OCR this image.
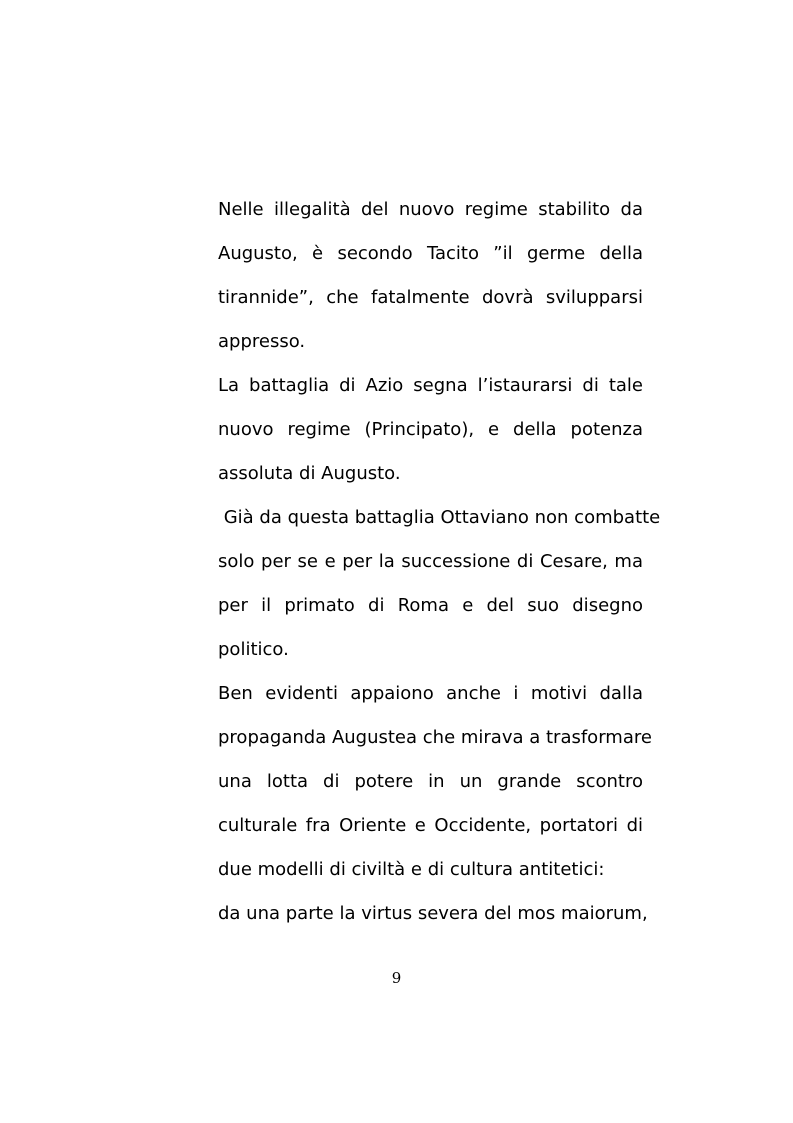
Nelle illegalità del nuovo regime stabilito da
Augusto, è secondo Tacito ”il germe della
tirannide”, che fatalmente dovrà svilupparsi
appresso.
La battaglia di Azio segna l’istaurarsi di tale
nuovo regime (Principato), e della potenza
assoluta di Augusto.
Già da questa battaglia Ottaviano non combatte
solo per se e per la successione di Cesare, ma
per il primato di Roma e del suo disegno
politico.
Ben evidenti appaiono anche i motivi dalla
propaganda Augustea che mirava a trasformare
una lotta di potere in un grande scontro
culturale fra Oriente e Occidente, portatori di
due modelli di civiltà e di cultura antitetici:
da una parte la virtus severa del mos maiorum,
9
